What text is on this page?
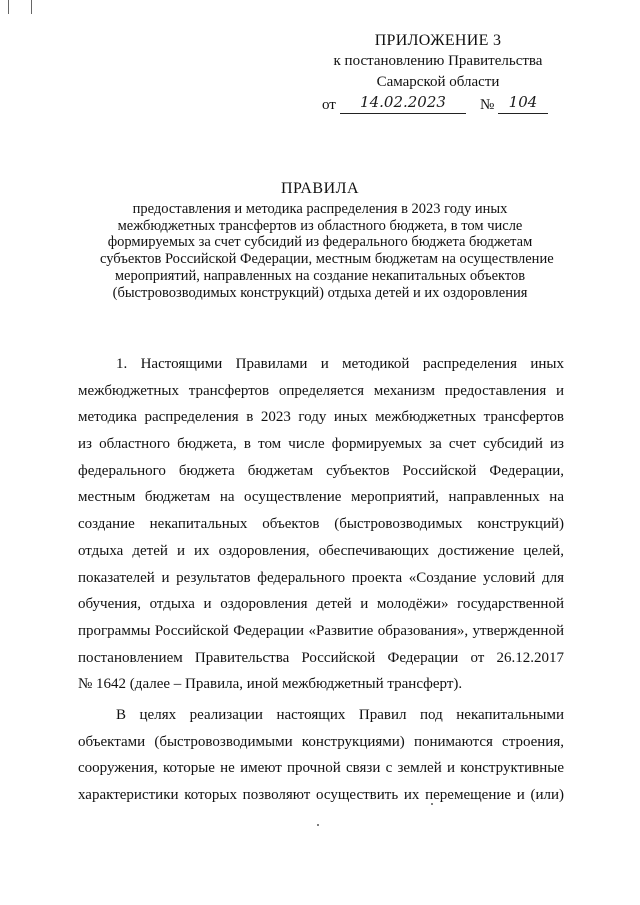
ПРИЛОЖЕНИЕ 3
к постановлению Правительства
Самарской области
от	14.02.2023	№ 104
ПРАВИЛА
предоставления и методика распределения в 2023 году иных
межбюджетных трансфертов из областного бюджета, в том числе
формируемых за счет субсидий из федерального бюджета бюджетам
субъектов Российской Федерации, местным бюджетам на осуществление
мероприятий, направленных на создание некапитальных объектов
(быстровозводимых конструкций) отдыха детей и их оздоровления
1. Настоящими Правилами и методикой распределения иных
межбюджетных трансфертов определяется механизм предоставления и
методика распределения в 2023 году иных межбюджетных трансфертов
из областного бюджета, в том числе формируемых за счет субсидий из
федерального бюджета бюджетам субъектов Российской Федерации,
местным бюджетам на осуществление мероприятий, направленных на
создание некапитальных объектов (быстровозводимых конструкций)
отдыха детей и их оздоровления, обеспечивающих достижение целей,
показателей и результатов федерального проекта «Создание условий для
обучения, отдыха и оздоровления детей и молодёжи» государственной
программы Российской Федерации «Развитие образования», утвержденной
постановлением Правительства Российской Федерации от 26.12.2017
№ 1642 (далее – Правила, иной межбюджетный трансферт).
В целях реализации настоящих Правил под некапитальными
объектами (быстровозводимыми конструкциями) понимаются строения,
сооружения, которые не имеют прочной связи с землей и конструктивные
характеристики которых позволяют осуществить их перемещение и (или)
